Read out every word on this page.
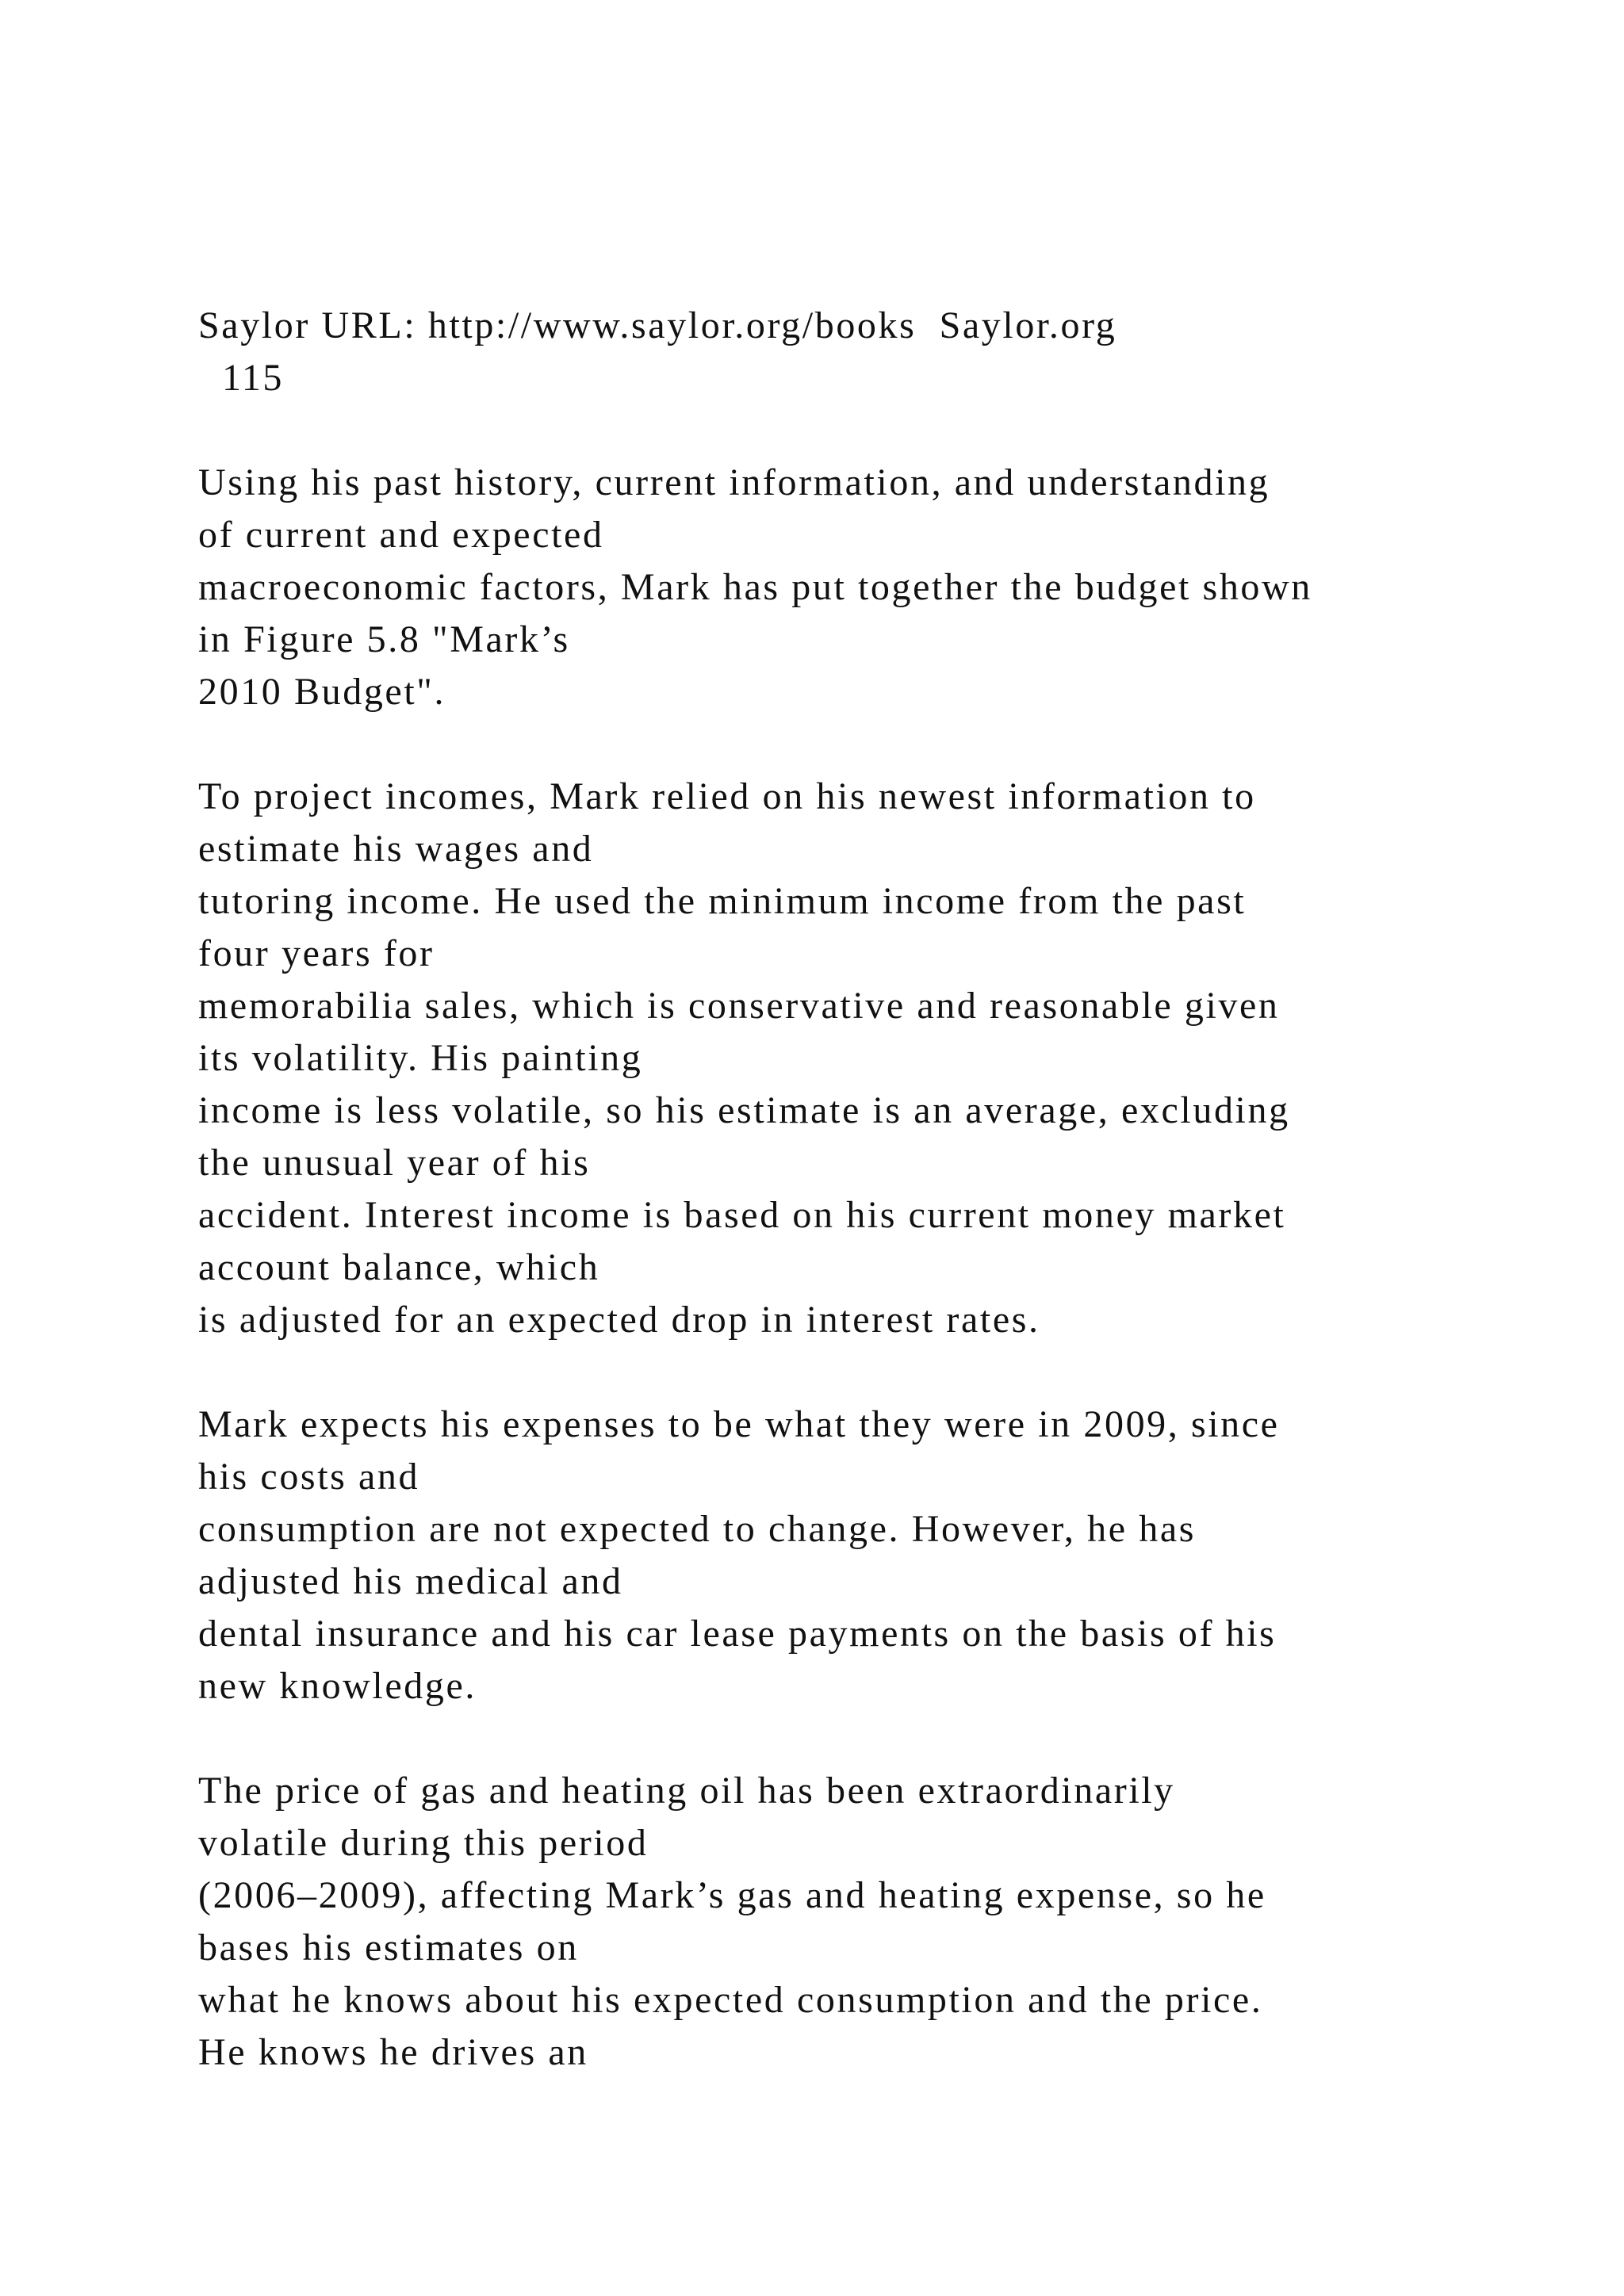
Saylor URL: http://www.saylor.org/books  Saylor.org
115
Using his past history, current information, and understanding
of current and expected
macroeconomic factors, Mark has put together the budget shown
in Figure 5.8 "Mark’s
2010 Budget".
To project incomes, Mark relied on his newest information to
estimate his wages and
tutoring income. He used the minimum income from the past
four years for
memorabilia sales, which is conservative and reasonable given
its volatility. His painting
income is less volatile, so his estimate is an average, excluding
the unusual year of his
accident. Interest income is based on his current money market
account balance, which
is adjusted for an expected drop in interest rates.
Mark expects his expenses to be what they were in 2009, since
his costs and
consumption are not expected to change. However, he has
adjusted his medical and
dental insurance and his car lease payments on the basis of his
new knowledge.
The price of gas and heating oil has been extraordinarily
volatile during this period
(2006–2009), affecting Mark’s gas and heating expense, so he
bases his estimates on
what he knows about his expected consumption and the price.
He knows he drives an
